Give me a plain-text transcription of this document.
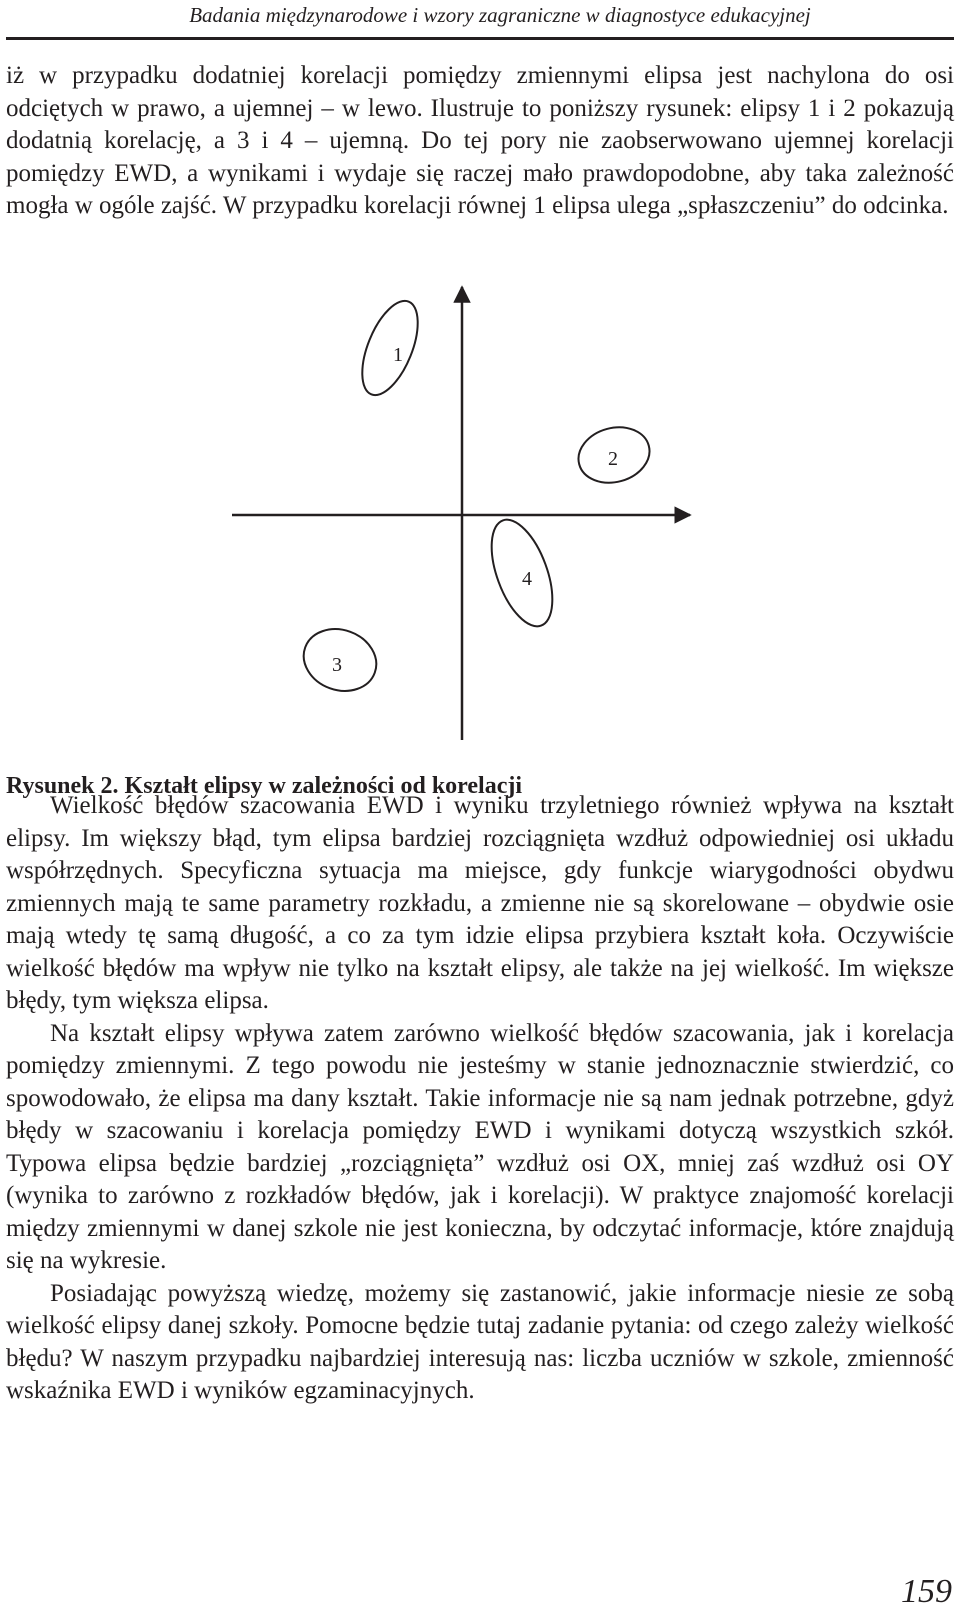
Badania międzynarodowe i wzory zagraniczne w diagnostyce edukacyjnej

iż w przypadku dodatniej korelacji pomiędzy zmiennymi elipsa jest nachylona do osi odciętych w prawo, a ujemnej – w lewo. Ilustruje to poniższy rysunek: elipsy 1 i 2 pokazują dodatnią korelację, a 3 i 4 – ujemną. Do tej pory nie zaobserwowano ujemnej korelacji pomiędzy EWD, a wynikami i wydaje się raczej mało prawdopodobne, aby taka zależność mogła w ogóle zajść. W przypadku korelacji równej 1 elipsa ulega „spłaszczeniu” do odcinka.

1
2
3
4
Rysunek 2. Kształt elipsy w zależności od korelacji

Wielkość błędów szacowania EWD i wyniku trzyletniego również wpływa na kształt elipsy. Im większy błąd, tym elipsa bardziej rozciągnięta wzdłuż odpowiedniej osi układu współrzędnych. Specyficzna sytuacja ma miejsce, gdy funkcje wiarygodności obydwu zmiennych mają te same parametry rozkładu, a zmienne nie są skorelowane – obydwie osie mają wtedy tę samą długość, a co za tym idzie elipsa przybiera kształt koła. Oczywiście wielkość błędów ma wpływ nie tylko na kształt elipsy, ale także na jej wielkość. Im większe błędy, tym większa elipsa.

Na kształt elipsy wpływa zatem zarówno wielkość błędów szacowania, jak i korelacja pomiędzy zmiennymi. Z tego powodu nie jesteśmy w stanie jednoznacznie stwierdzić, co spowodowało, że elipsa ma dany kształt. Takie informacje nie są nam jednak potrzebne, gdyż błędy w szacowaniu i korelacja pomiędzy EWD i wynikami dotyczą wszystkich szkół. Typowa elipsa będzie bardziej „rozciągnięta” wzdłuż osi OX, mniej zaś wzdłuż osi OY (wynika to zarówno z rozkładów błędów, jak i korelacji). W praktyce znajomość korelacji między zmiennymi w danej szkole nie jest konieczna, by odczytać informacje, które znajdują się na wykresie.

Posiadając powyższą wiedzę, możemy się zastanowić, jakie informacje niesie ze sobą wielkość elipsy danej szkoły. Pomocne będzie tutaj zadanie pytania: od czego zależy wielkość błędu? W naszym przypadku najbardziej interesują nas: liczba uczniów w szkole, zmienność wskaźnika EWD i wyników egzaminacyjnych.

159
